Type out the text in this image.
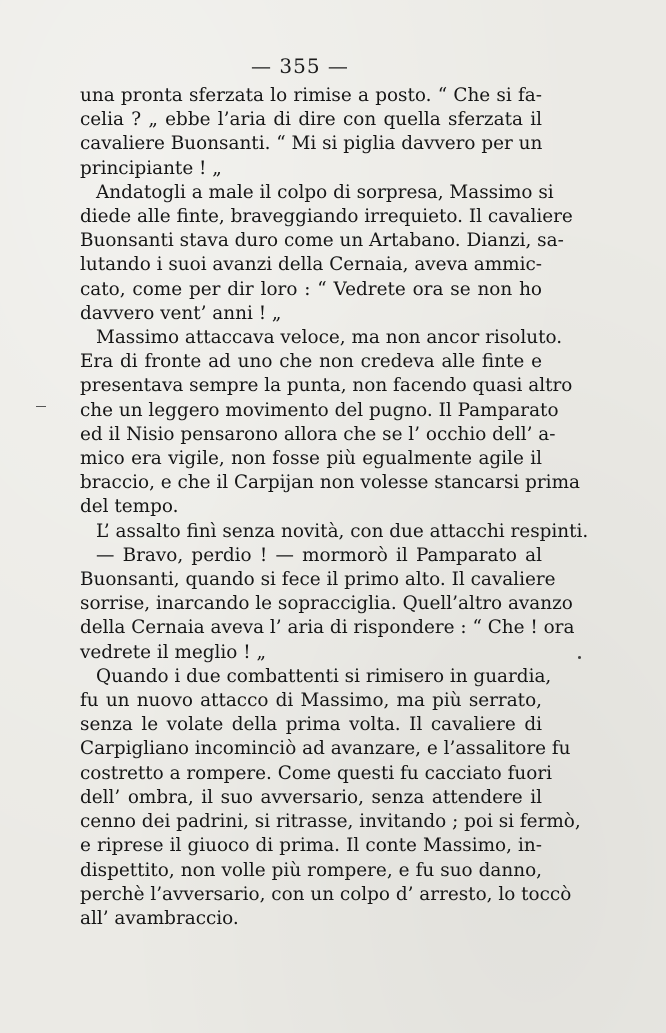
— 355 —

una pronta sferzata lo rimise a posto. “ Che si fa-
celia ? „ ebbe l’aria di dire con quella sferzata il
cavaliere Buonsanti. “ Mi si piglia davvero per un
principiante ! „

Andatogli a male il colpo di sorpresa, Massimo si
diede alle finte, braveggiando irrequieto. Il cavaliere
Buonsanti stava duro come un Artabano. Dianzi, sa-
lutando i suoi avanzi della Cernaia, aveva ammic-
cato, come per dir loro : “ Vedrete ora se non ho
davvero vent’ anni ! „

Massimo attaccava veloce, ma non ancor risoluto.
Era di fronte ad uno che non credeva alle finte e
presentava sempre la punta, non facendo quasi altro
che un leggero movimento del pugno. Il Pamparato
ed il Nisio pensarono allora che se l’ occhio dell’ a-
mico era vigile, non fosse più egualmente agile il
braccio, e che il Carpijan non volesse stancarsi prima
del tempo.

L’ assalto finì senza novità, con due attacchi respinti.

— Bravo, perdio ! — mormorò il Pamparato al
Buonsanti, quando si fece il primo alto. Il cavaliere
sorrise, inarcando le sopracciglia. Quell’altro avanzo
della Cernaia aveva l’ aria di rispondere : “ Che ! ora
vedrete il meglio ! „

Quando i due combattenti si rimisero in guardia,
fu un nuovo attacco di Massimo, ma più serrato,
senza le volate della prima volta. Il cavaliere di
Carpigliano incominciò ad avanzare, e l’assalitore fu
costretto a rompere. Come questi fu cacciato fuori
dell’ ombra, il suo avversario, senza attendere il
cenno dei padrini, si ritrasse, invitando ; poi si fermò,
e riprese il giuoco di prima. Il conte Massimo, in-
dispettito, non volle più rompere, e fu suo danno,
perchè l’avversario, con un colpo d’ arresto, lo toccò
all’ avambraccio.
